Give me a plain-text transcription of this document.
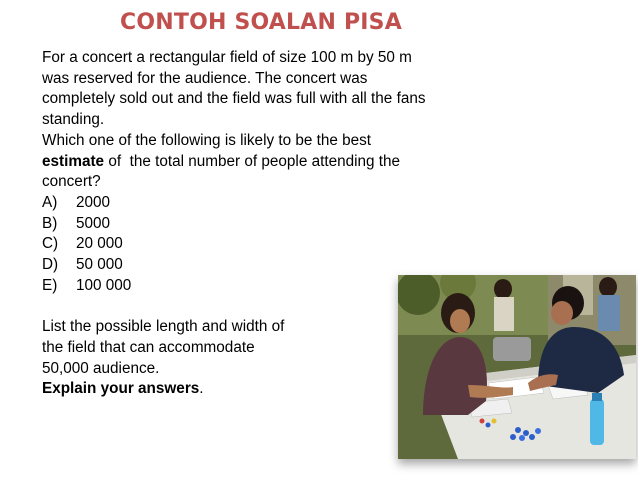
CONTOH SOALAN PISA
For a concert a rectangular field of size 100 m by 50 m
was reserved for the audience. The concert was
completely sold out and the field was full with all the fans
standing.
Which one of the following is likely to be the best
estimate of  the total number of people attending the
concert?
A) 2000
B) 5000
C) 20 000
D) 50 000
E) 100 000
List the possible length and width of
the field that can accommodate
50,000 audience.
Explain your answers.
